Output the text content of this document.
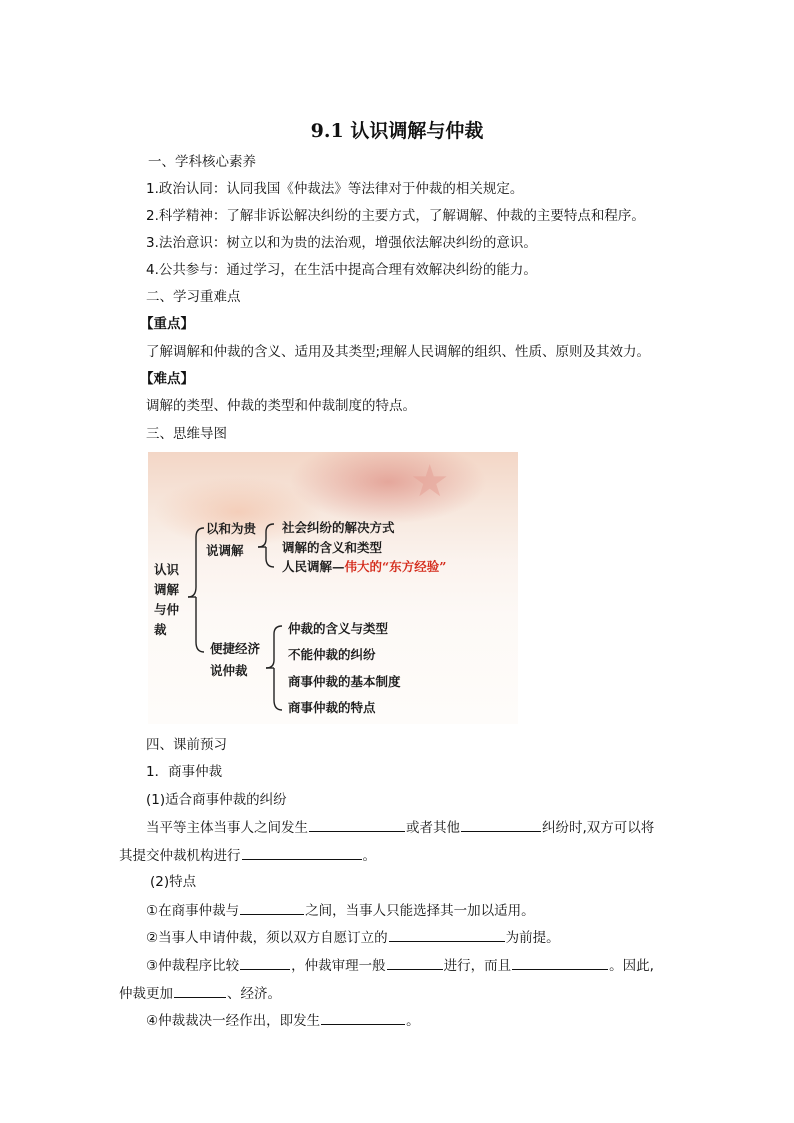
9.1 认识调解与仲裁
一、学科核心素养
1.政治认同：认同我国《仲裁法》等法律对于仲裁的相关规定。
2.科学精神：了解非诉讼解决纠纷的主要方式，了解调解、仲裁的主要特点和程序。
3.法治意识：树立以和为贵的法治观，增强依法解决纠纷的意识。
4.公共参与：通过学习，在生活中提高合理有效解决纠纷的能力。
二、学习重难点
【重点】
了解调解和仲裁的含义、适用及其类型;理解人民调解的组织、性质、原则及其效力。
【难点】
调解的类型、仲裁的类型和仲裁制度的特点。
三、思维导图
★
认识调解与仲裁
以和为贵说调解
社会纠纷的解决方式
调解的含义和类型
人民调解—伟大的“东方经验”
便捷经济说仲裁
仲裁的含义与类型
不能仲裁的纠纷
商事仲裁的基本制度
商事仲裁的特点
四、课前预习
1．商事仲裁
(1)适合商事仲裁的纠纷
当平等主体当事人之间发生	或者其他	纠纷时,双方可以将
其提交仲裁机构进行	。
(2)特点
①在商事仲裁与	之间，当事人只能选择其一加以适用。
②当事人申请仲裁，须以双方自愿订立的	为前提。
③仲裁程序比较	，仲裁审理一般	进行，而且	。因此,
仲裁更加	、经济。
④仲裁裁决一经作出，即发生	。
